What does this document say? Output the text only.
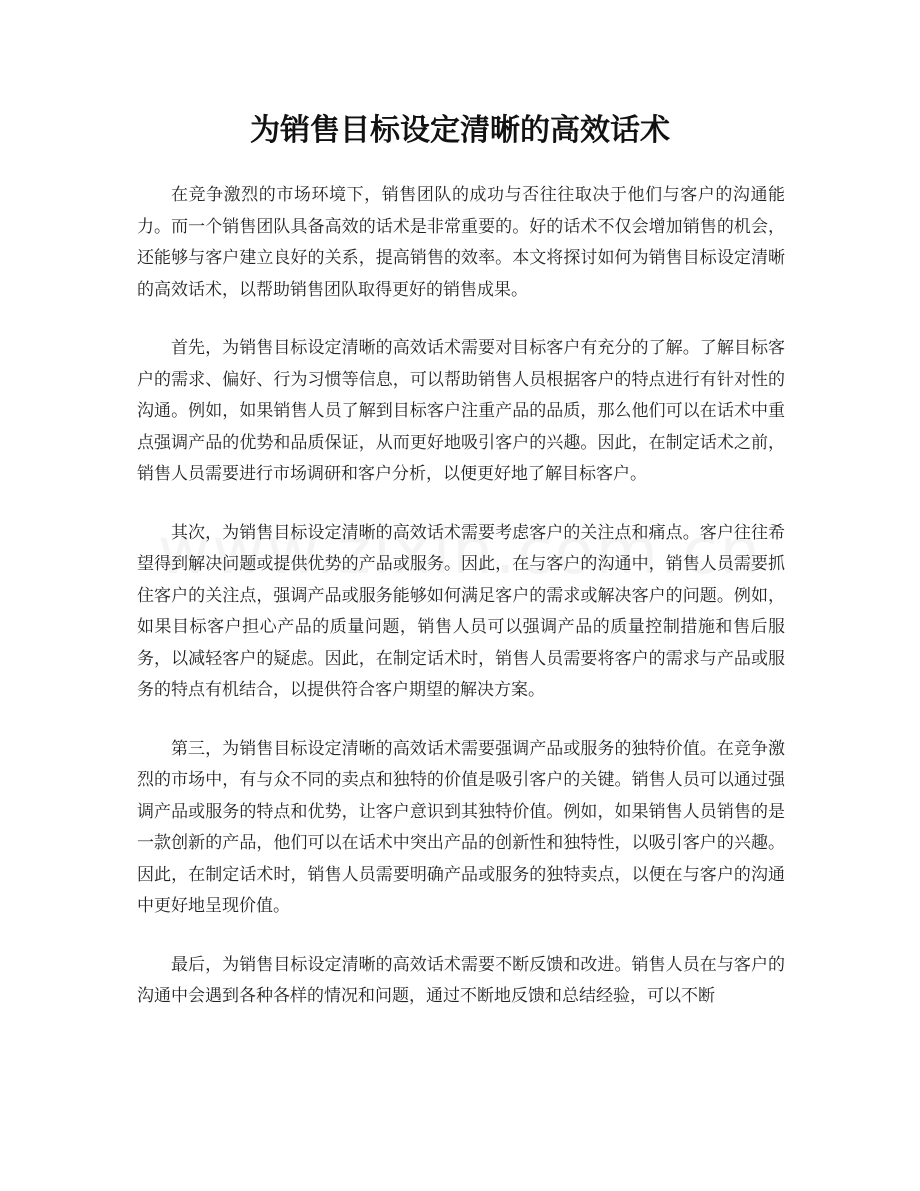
为销售目标设定清晰的高效话术

在竞争激烈的市场环境下，销售团队的成功与否往往取决于他们与客户的沟通能力。而一个销售团队具备高效的话术是非常重要的。好的话术不仅会增加销售的机会，还能够与客户建立良好的关系，提高销售的效率。本文将探讨如何为销售目标设定清晰的高效话术，以帮助销售团队取得更好的销售成果。

首先，为销售目标设定清晰的高效话术需要对目标客户有充分的了解。了解目标客户的需求、偏好、行为习惯等信息，可以帮助销售人员根据客户的特点进行有针对性的沟通。例如，如果销售人员了解到目标客户注重产品的品质，那么他们可以在话术中重点强调产品的优势和品质保证，从而更好地吸引客户的兴趣。因此，在制定话术之前，销售人员需要进行市场调研和客户分析，以便更好地了解目标客户。

其次，为销售目标设定清晰的高效话术需要考虑客户的关注点和痛点。客户往往希望得到解决问题或提供优势的产品或服务。因此，在与客户的沟通中，销售人员需要抓住客户的关注点，强调产品或服务能够如何满足客户的需求或解决客户的问题。例如，如果目标客户担心产品的质量问题，销售人员可以强调产品的质量控制措施和售后服务，以减轻客户的疑虑。因此，在制定话术时，销售人员需要将客户的需求与产品或服务的特点有机结合，以提供符合客户期望的解决方案。

第三，为销售目标设定清晰的高效话术需要强调产品或服务的独特价值。在竞争激烈的市场中，有与众不同的卖点和独特的价值是吸引客户的关键。销售人员可以通过强调产品或服务的特点和优势，让客户意识到其独特价值。例如，如果销售人员销售的是一款创新的产品，他们可以在话术中突出产品的创新性和独特性，以吸引客户的兴趣。因此，在制定话术时，销售人员需要明确产品或服务的独特卖点，以便在与客户的沟通中更好地呈现价值。

最后，为销售目标设定清晰的高效话术需要不断反馈和改进。销售人员在与客户的沟通中会遇到各种各样的情况和问题，通过不断地反馈和总结经验，可以不断
